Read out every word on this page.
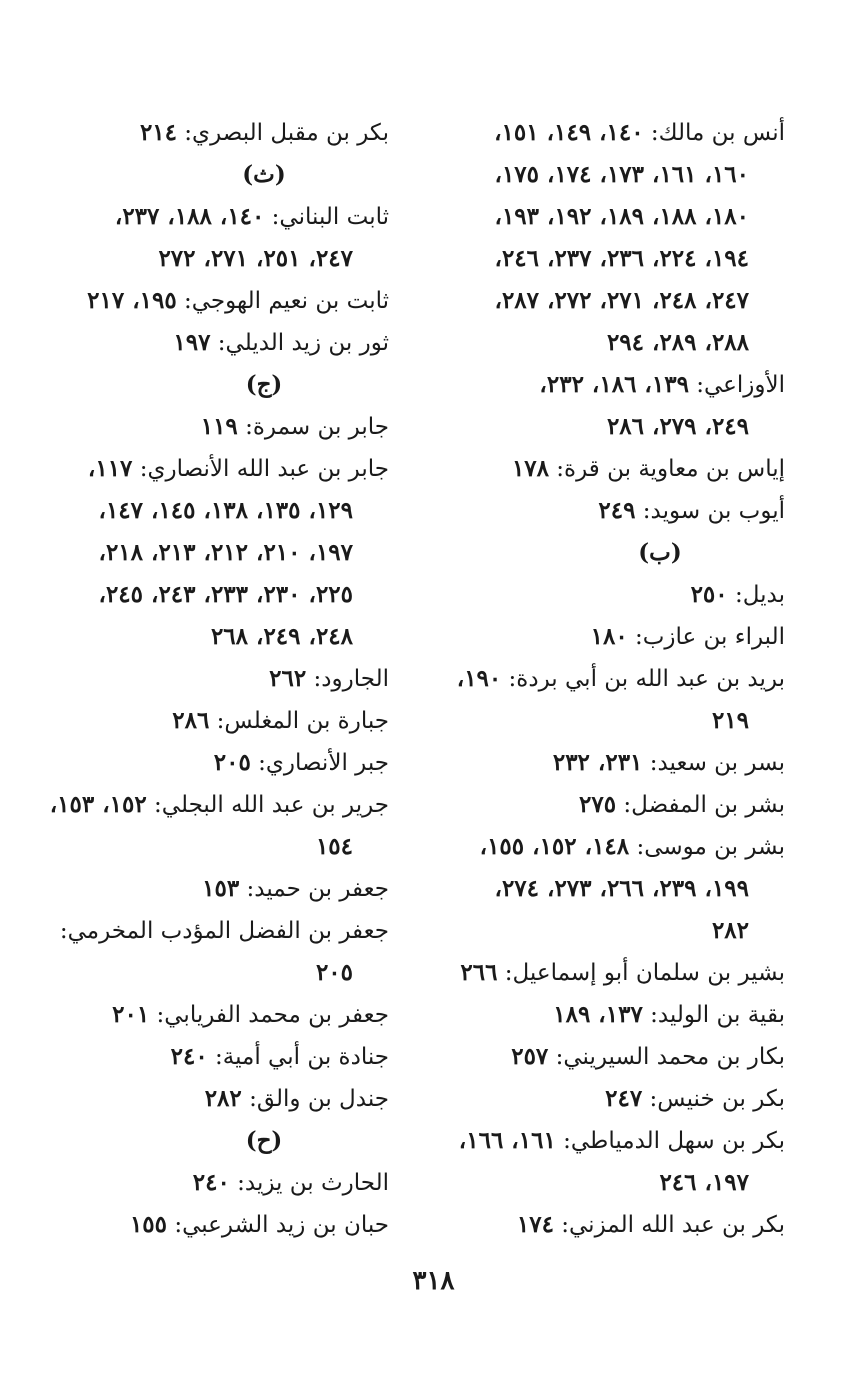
أنس بن مالك: ١٤٠، ١٤٩، ١٥١،
١٦٠، ١٦١، ١٧٣، ١٧٤، ١٧٥،
١٨٠، ١٨٨، ١٨٩، ١٩٢، ١٩٣،
١٩٤، ٢٢٤، ٢٣٦، ٢٣٧، ٢٤٦،
٢٤٧، ٢٤٨، ٢٧١، ٢٧٢، ٢٨٧،
٢٨٨، ٢٨٩، ٢٩٤
الأوزاعي: ١٣٩، ١٨٦، ٢٣٢،
٢٤٩، ٢٧٩، ٢٨٦
إياس بن معاوية بن قرة: ١٧٨
أيوب بن سويد: ٢٤٩
(ب)
بديل: ٢٥٠
البراء بن عازب: ١٨٠
بريد بن عبد الله بن أبي بردة: ١٩٠،
٢١٩
بسر بن سعيد: ٢٣١، ٢٣٢
بشر بن المفضل: ٢٧٥
بشر بن موسى: ١٤٨، ١٥٢، ١٥٥،
١٩٩، ٢٣٩، ٢٦٦، ٢٧٣، ٢٧٤،
٢٨٢
بشير بن سلمان أبو إسماعيل: ٢٦٦
بقية بن الوليد: ١٣٧، ١٨٩
بكار بن محمد السيريني: ٢٥٧
بكر بن خنيس: ٢٤٧
بكر بن سهل الدمياطي: ١٦١، ١٦٦،
١٩٧، ٢٤٦
بكر بن عبد الله المزني: ١٧٤
بكر بن مقبل البصري: ٢١٤
(ث)
ثابت البناني: ١٤٠، ١٨٨، ٢٣٧،
٢٤٧، ٢٥١، ٢٧١، ٢٧٢
ثابت بن نعيم الهوجي: ١٩٥، ٢١٧
ثور بن زيد الديلي: ١٩٧
(ج)
جابر بن سمرة: ١١٩
جابر بن عبد الله الأنصاري: ١١٧،
١٢٩، ١٣٥، ١٣٨، ١٤٥، ١٤٧،
١٩٧، ٢١٠، ٢١٢، ٢١٣، ٢١٨،
٢٢٥، ٢٣٠، ٢٣٣، ٢٤٣، ٢٤٥،
٢٤٨، ٢٤٩، ٢٦٨
الجارود: ٢٦٢
جبارة بن المغلس: ٢٨٦
جبر الأنصاري: ٢٠٥
جرير بن عبد الله البجلي: ١٥٢، ١٥٣،
١٥٤
جعفر بن حميد: ١٥٣
جعفر بن الفضل المؤدب المخرمي:
٢٠٥
جعفر بن محمد الفريابي: ٢٠١
جنادة بن أبي أمية: ٢٤٠
جندل بن والق: ٢٨٢
(ح)
الحارث بن يزيد: ٢٤٠
حبان بن زيد الشرعبي: ١٥٥
٣١٨
